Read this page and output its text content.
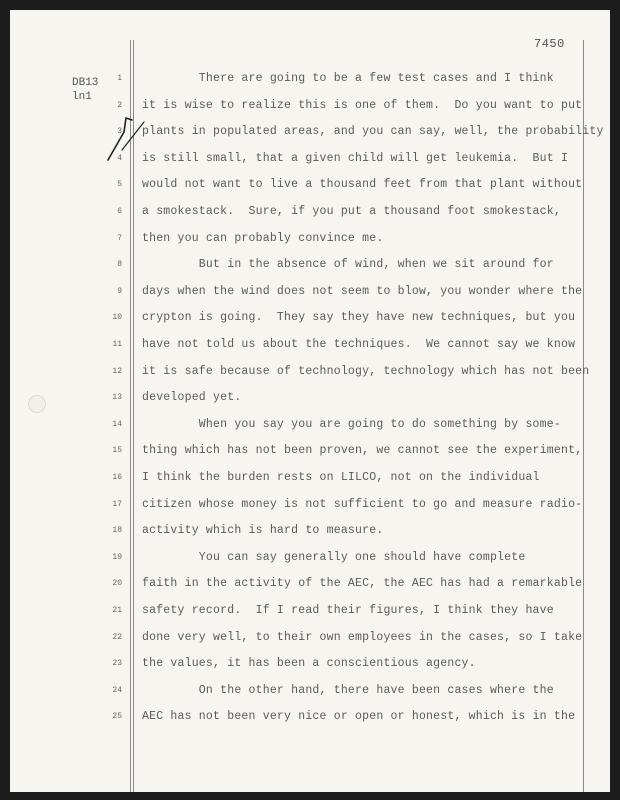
7450
DB13
ln1
1
2
3
4
5
6
7
8
9
10
11
12
13
14
15
16
17
18
19
20
21
22
23
24
25
There are going to be a few test cases and I think
it is wise to realize this is one of them.  Do you want to put
plants in populated areas, and you can say, well, the probability
is still small, that a given child will get leukemia.  But I
would not want to live a thousand feet from that plant without
a smokestack.  Sure, if you put a thousand foot smokestack,
then you can probably convince me.
But in the absence of wind, when we sit around for
days when the wind does not seem to blow, you wonder where the
crypton is going.  They say they have new techniques, but you
have not told us about the techniques.  We cannot say we know
it is safe because of technology, technology which has not been
developed yet.
When you say you are going to do something by some-
thing which has not been proven, we cannot see the experiment,
I think the burden rests on LILCO, not on the individual
citizen whose money is not sufficient to go and measure radio-
activity which is hard to measure.
You can say generally one should have complete
faith in the activity of the AEC, the AEC has had a remarkable
safety record.  If I read their figures, I think they have
done very well, to their own employees in the cases, so I take
the values, it has been a conscientious agency.
On the other hand, there have been cases where the
AEC has not been very nice or open or honest, which is in the
